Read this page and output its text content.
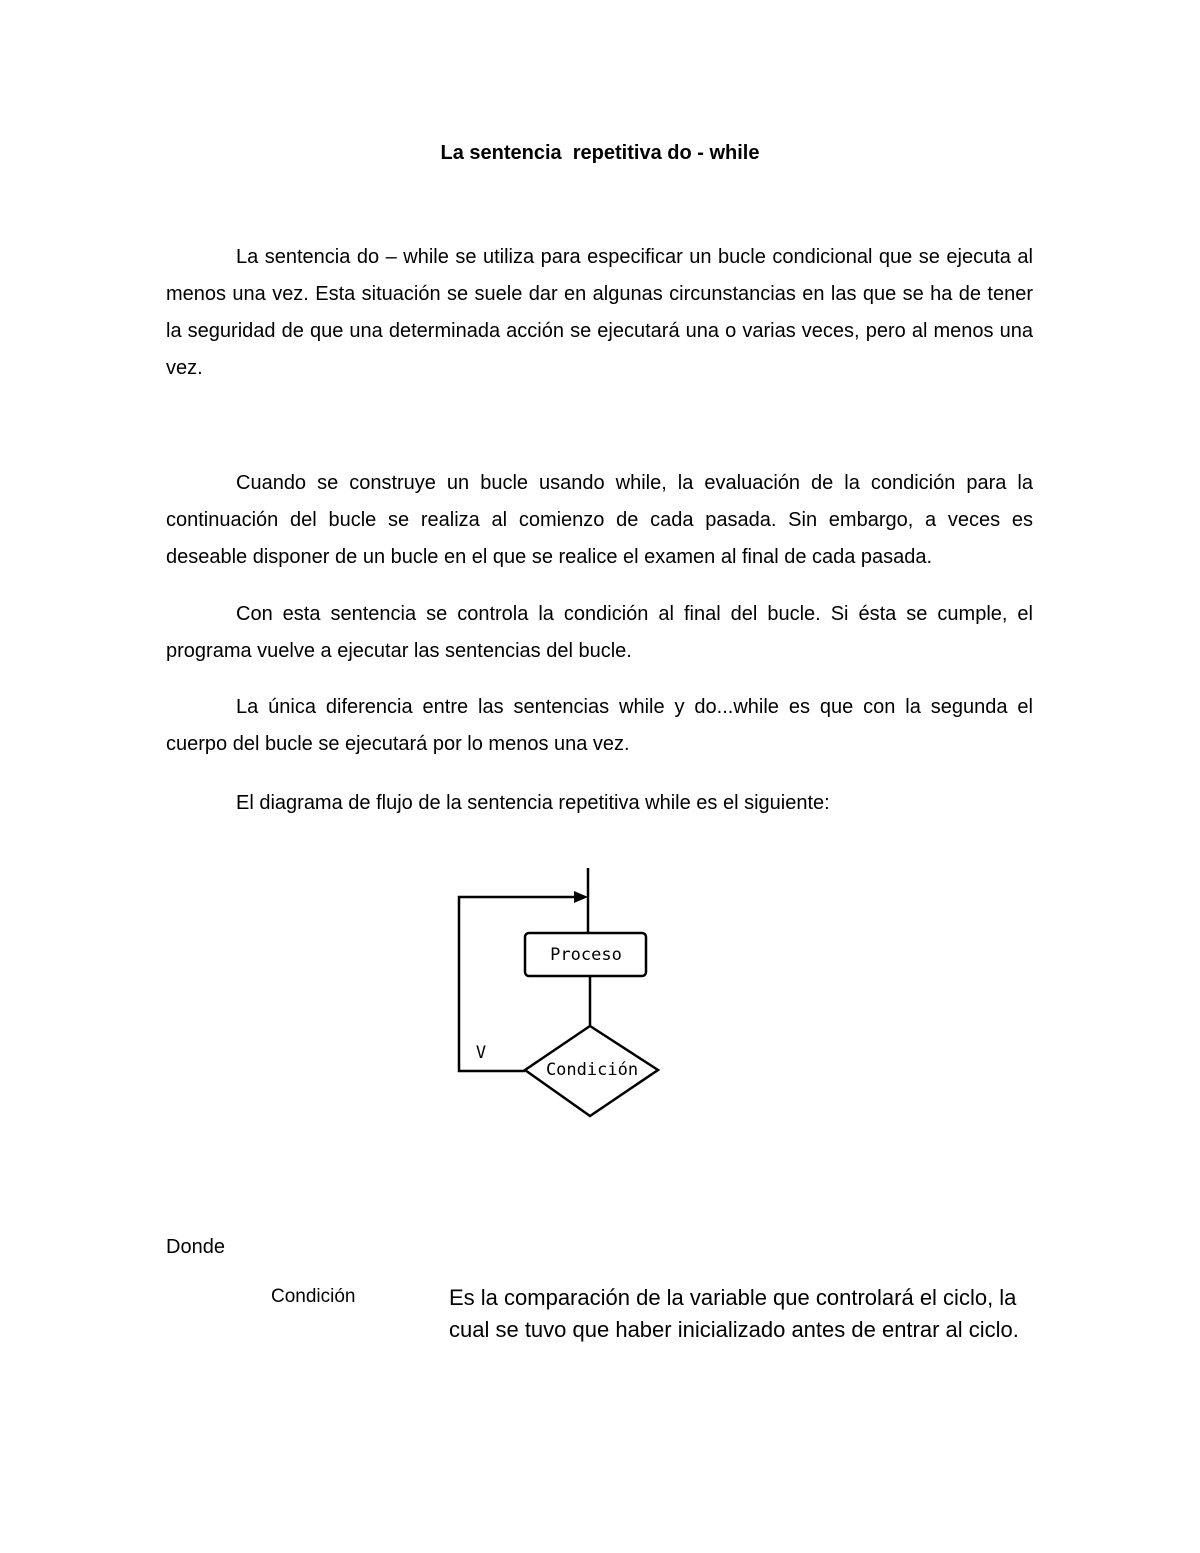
La sentencia  repetitiva do - while

La sentencia do – while se utiliza para especificar un bucle condicional que se ejecuta al menos una vez. Esta situación se suele dar en algunas circunstancias en las que se ha de tener la seguridad de que una determinada acción se ejecutará una o varias veces, pero al menos una vez.

Cuando se construye un bucle usando while, la evaluación de la condición para la continuación del bucle se realiza al comienzo de cada pasada. Sin embargo, a veces es deseable disponer de un bucle en el que se realice el examen al final de cada pasada.

Con esta sentencia se controla la condición al final del bucle. Si ésta se cumple, el programa vuelve a ejecutar las sentencias del bucle.

La única diferencia entre las sentencias while y do...while es que con la segunda el cuerpo del bucle se ejecutará por lo menos una vez.

El diagrama de flujo de la sentencia repetitiva while es el siguiente:

Proceso
Condición
V
Donde
Condición	Es la comparación de la variable que controlará el ciclo, la cual se tuvo que haber inicializado antes de entrar al ciclo.
